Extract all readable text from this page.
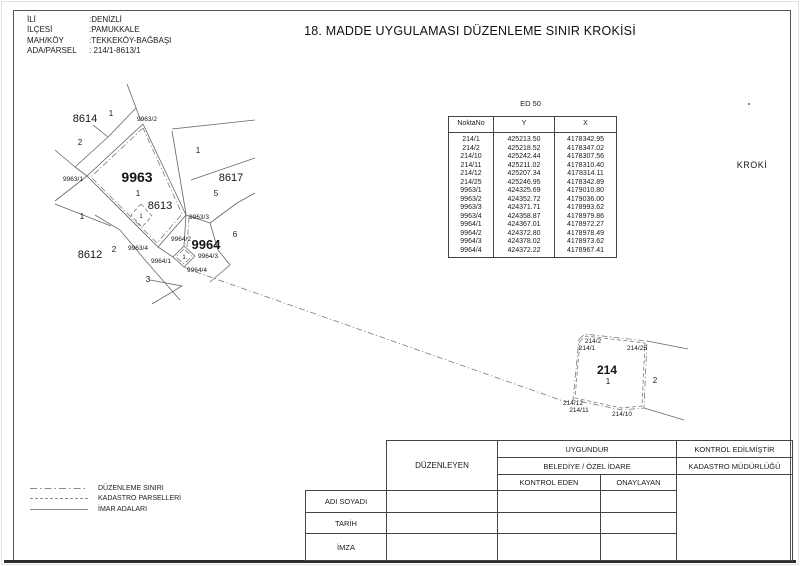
İLİ	:DENİZLİ
İLÇESİ	:PAMUKKALE
MAH/KÖY	:TEKKEKÖY-BAĞBAŞI
ADA/PARSEL : 214/1-8613/1
18. MADDE UYGULAMASI DÜZENLEME SINIR KROKİSİ
8614 1
2
9963/2
9963
1
9963/1
8613
1
8617
1
5
6
9963/3
9963/4
9964/2 9964
1
9964/1
9964/3
9964/4
8612 2
1
3
214/2
214/1	214/25
214
1	2
214/12
214/11
214/10
ED 50
NoktaNo	Y	X
214/1	425213.50	4178342.95
214/2	425218.52	4178347.02
214/10	425242.44	4178307.56
214/11	425211.02	4178310.40
214/12	425207.34	4178314.11
214/25	425246.95	4178342.89
9963/1	424325.69	4179010.80
9963/2	424352.72	4179036.00
9963/3	424371.71	4178993.62
9963/4	424358.87	4178979.86
9964/1	424367.01	4178972.27
9964/2	424372.80	4178978.49
9964/3	424378.02	4178973.62
9964/4	424372.22	4178967.41
KROKİ
DÜZENLEME SINIRI
KADASTRO PARSELLERİ
İMAR ADALARI
DÜZENLEYEN
UYGUNDUR
BELEDİYE / ÖZEL İDARE
KONTROL EDEN	ONAYLAYAN
KONTROL EDİLMİŞTİR
KADASTRO MÜDÜRLÜĞÜ
ADI SOYADI
TARİH
İMZA
